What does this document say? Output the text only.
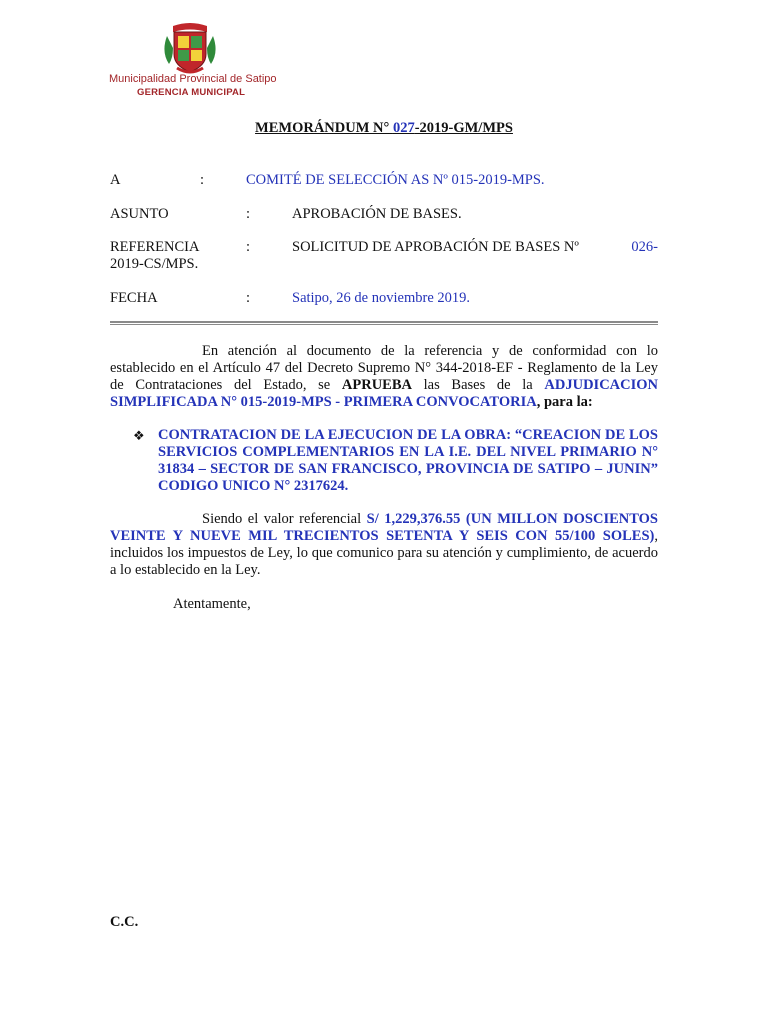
Municipalidad Provincial de Satipo
GERENCIA MUNICIPAL
MEMORÁNDUM N° 027-2019-GM/MPS
A	:	COMITÉ DE SELECCIÓN AS Nº 015-2019-MPS.
ASUNTO	:	APROBACIÓN DE BASES.
REFERENCIA	:	SOLICITUD DE APROBACIÓN DE BASES Nº	026-
2019-CS/MPS.
FECHA	:	Satipo, 26 de noviembre 2019.
En atención al documento de la referencia y de conformidad con lo establecido en el Artículo 47 del Decreto Supremo N° 344-2018-EF - Reglamento de la Ley de Contrataciones del Estado, se APRUEBA las Bases de la ADJUDICACION SIMPLIFICADA N° 015-2019-MPS - PRIMERA CONVOCATORIA, para la:
❖ CONTRATACION DE LA EJECUCION DE LA OBRA: “CREACION DE LOS SERVICIOS COMPLEMENTARIOS EN LA I.E. DEL NIVEL PRIMARIO N° 31834 – SECTOR DE SAN FRANCISCO, PROVINCIA DE SATIPO – JUNIN” CODIGO UNICO N° 2317624.
Siendo el valor referencial S/ 1,229,376.55 (UN MILLON DOSCIENTOS VEINTE Y NUEVE MIL TRECIENTOS SETENTA Y SEIS CON 55/100 SOLES), incluidos los impuestos de Ley, lo que comunico para su atención y cumplimiento, de acuerdo a lo establecido en la Ley.
Atentamente,
C.C.
